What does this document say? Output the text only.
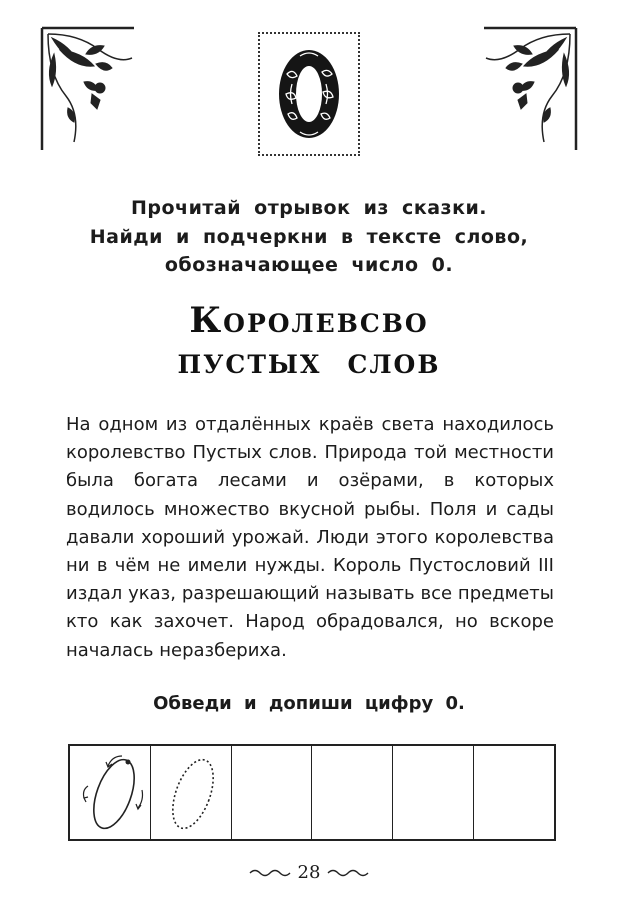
Прочитай отрывок из сказки.
Найди и подчеркни в тексте слово,
обозначающее число 0.
Королевсво
пустых слов
На одном из отдалённых краёв света находилось королевство Пустых слов. Природа той местности была богата лесами и озёрами, в которых водилось множество вкусной рыбы. Поля и сады давали хороший урожай. Люди этого королевства ни в чём не имели нужды. Король Пустословий III издал указ, разрешающий называть все предметы кто как захочет. Народ обрадовался, но вскоре началась неразбериха.
Обведи и допиши цифру 0.
28
